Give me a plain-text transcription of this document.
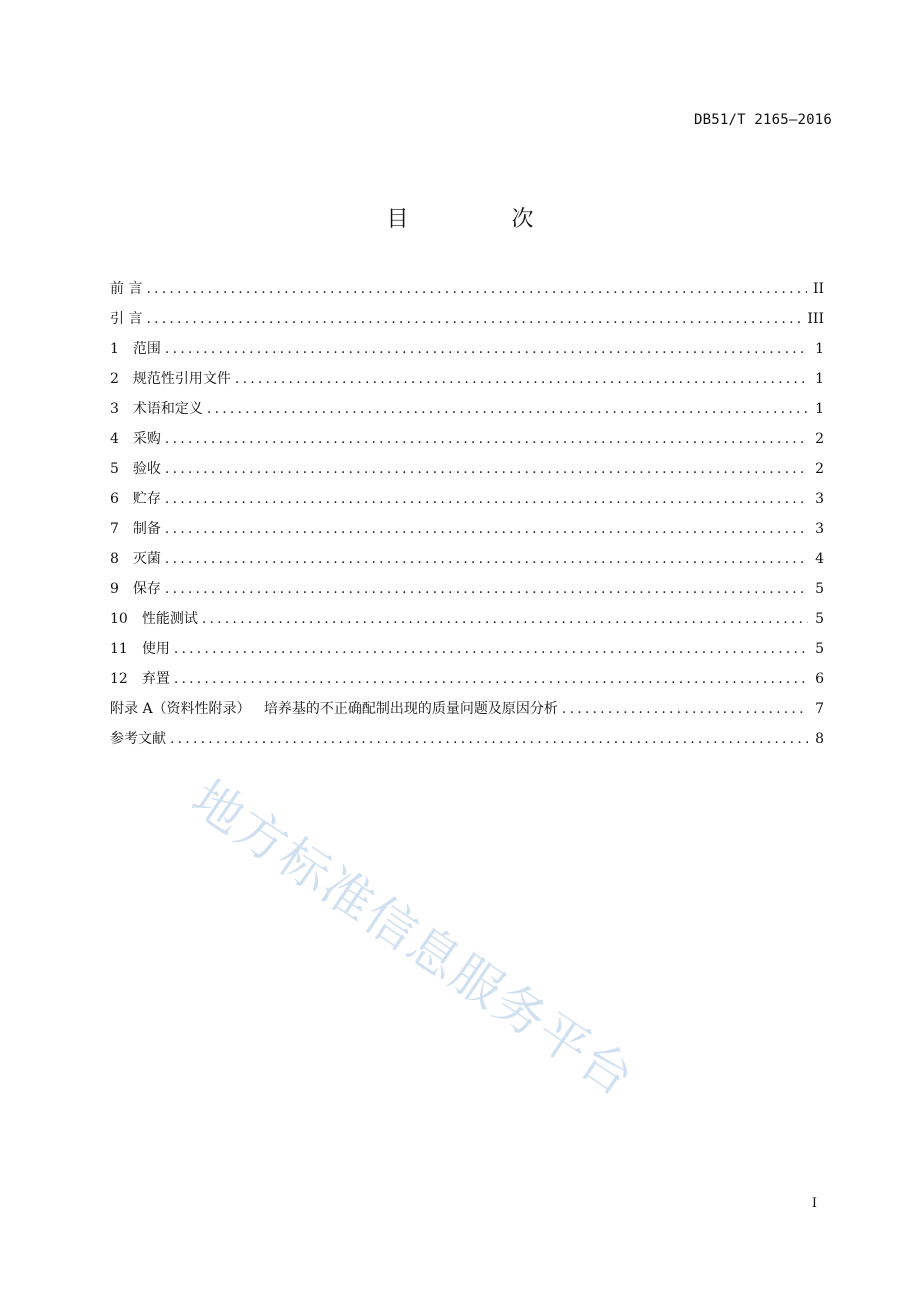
DB51/T 2165—2016
目 次
前 言 .....	II
引 言 .....	III
1 范围 .....	1
2 规范性引用文件 .....	1
3 术语和定义 .....	1
4 采购 .....	2
5 验收 .....	2
6 贮存 .....	3
7 制备 .....	3
8 灭菌 .....	4
9 保存 .....	5
10 性能测试 .....	5
11 使用 .....	5
12 弃置 .....	6
附录 A（资料性附录）   培养基的不正确配制出现的质量问题及原因分析 .....	7
参考文献 .....	8
地方标准信息服务平台
I
